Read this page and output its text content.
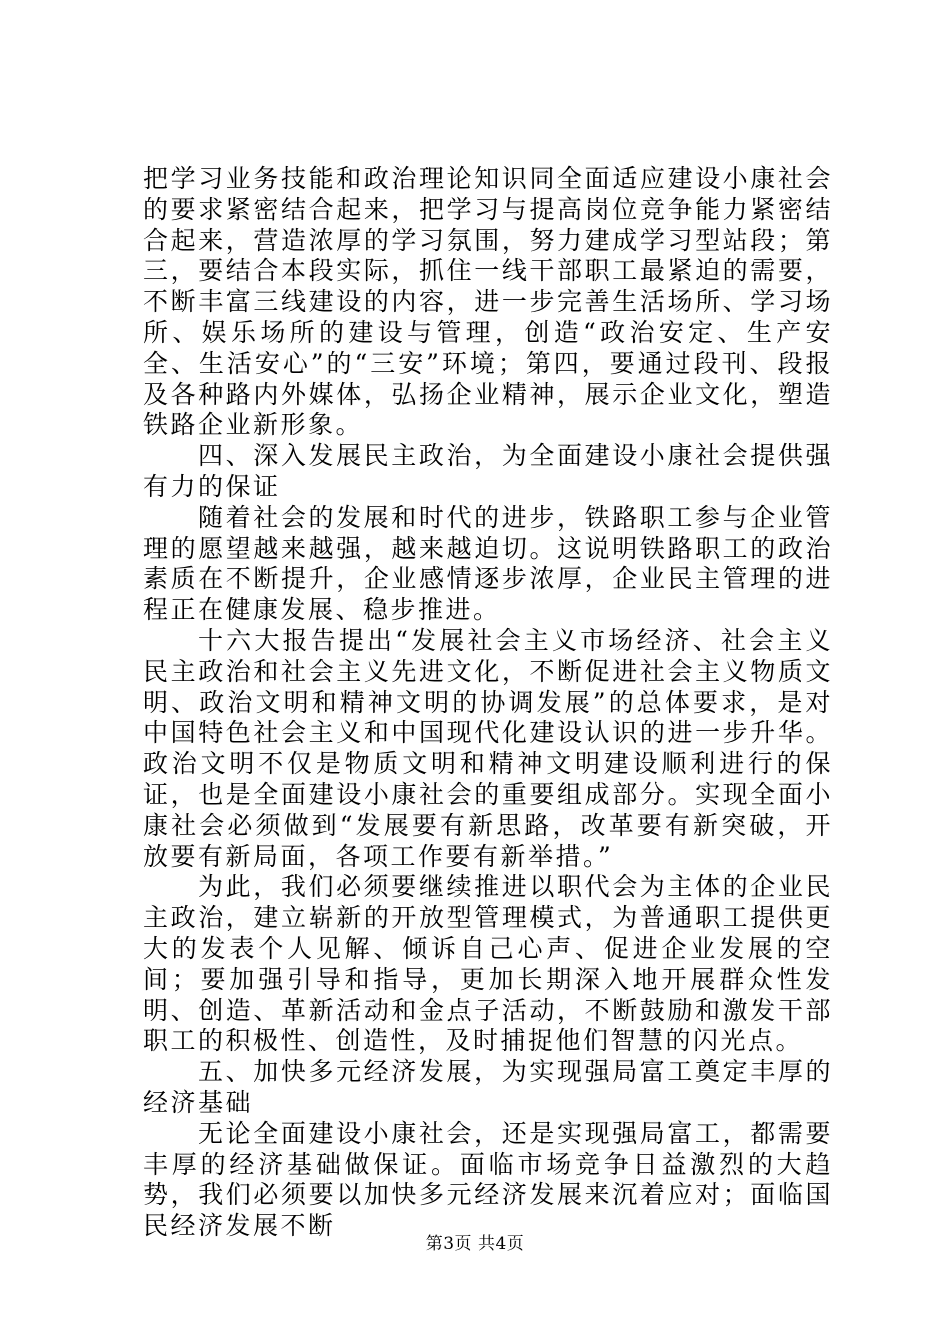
把学习业务技能和政治理论知识同全面适应建设小康社会的要求紧密结合起来，把学习与提高岗位竞争能力紧密结合起来，营造浓厚的学习氛围，努力建成学习型站段；第三，要结合本段实际，抓住一线干部职工最紧迫的需要，不断丰富三线建设的内容，进一步完善生活场所、学习场所、娱乐场所的建设与管理，创造“政治安定、生产安全、生活安心”的“三安”环境；第四，要通过段刊、段报及各种路内外媒体，弘扬企业精神，展示企业文化，塑造铁路企业新形象。

四、深入发展民主政治，为全面建设小康社会提供强有力的保证

随着社会的发展和时代的进步，铁路职工参与企业管理的愿望越来越强，越来越迫切。这说明铁路职工的政治素质在不断提升，企业感情逐步浓厚，企业民主管理的进程正在健康发展、稳步推进。

十六大报告提出“发展社会主义市场经济、社会主义民主政治和社会主义先进文化，不断促进社会主义物质文明、政治文明和精神文明的协调发展”的总体要求，是对中国特色社会主义和中国现代化建设认识的进一步升华。政治文明不仅是物质文明和精神文明建设顺利进行的保证，也是全面建设小康社会的重要组成部分。实现全面小康社会必须做到“发展要有新思路，改革要有新突破，开放要有新局面，各项工作要有新举措。”

为此，我们必须要继续推进以职代会为主体的企业民主政治，建立崭新的开放型管理模式，为普通职工提供更大的发表个人见解、倾诉自己心声、促进企业发展的空间；要加强引导和指导，更加长期深入地开展群众性发明、创造、革新活动和金点子活动，不断鼓励和激发干部职工的积极性、创造性，及时捕捉他们智慧的闪光点。

五、加快多元经济发展，为实现强局富工奠定丰厚的经济基础

无论全面建设小康社会，还是实现强局富工，都需要丰厚的经济基础做保证。面临市场竞争日益激烈的大趋势，我们必须要以加快多元经济发展来沉着应对；面临国民经济发展不断

第3页 共4页
